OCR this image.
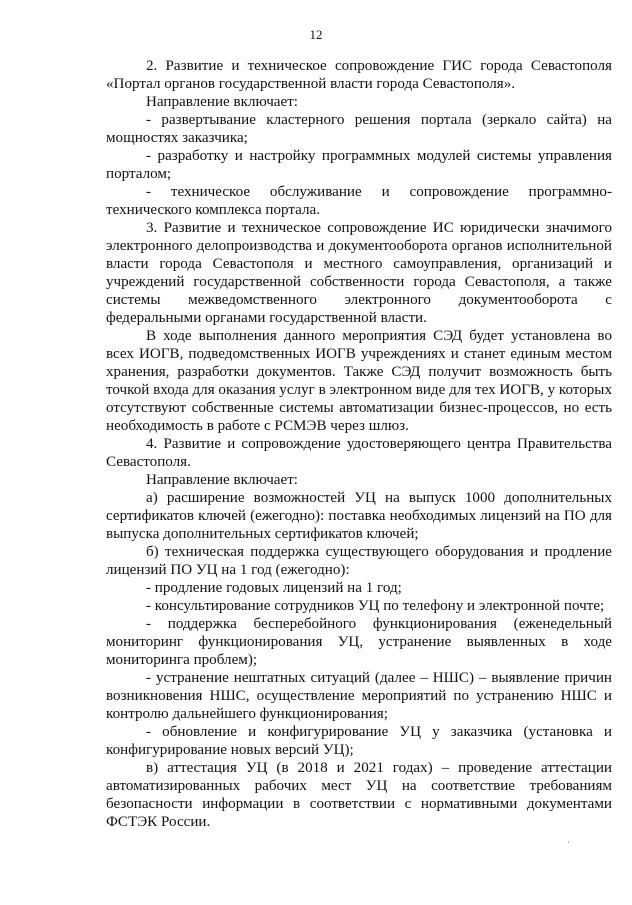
12

2. Развитие и техническое сопровождение ГИС города Севастополя «Портал органов государственной власти города Севастополя».

Направление включает:

- развертывание кластерного решения портала (зеркало сайта) на мощностях заказчика;

- разработку и настройку программных модулей системы управления порталом;

- техническое обслуживание и сопровождение программно-технического комплекса портала.

3. Развитие и техническое сопровождение ИС юридически значимого электронного делопроизводства и документооборота органов исполнительной власти города Севастополя и местного самоуправления, организаций и учреждений государственной собственности города Севастополя, а также системы межведомственного электронного документооборота с федеральными органами государственной власти.

В ходе выполнения данного мероприятия СЭД будет установлена во всех ИОГВ, подведомственных ИОГВ учреждениях и станет единым местом хранения, разработки документов. Также СЭД получит возможность быть точкой входа для оказания услуг в электронном виде для тех ИОГВ, у которых отсутствуют собственные системы автоматизации бизнес-процессов, но есть необходимость в работе с РСМЭВ через шлюз.

4. Развитие и сопровождение удостоверяющего центра Правительства Севастополя.

Направление включает:

а) расширение возможностей УЦ на выпуск 1000 дополнительных сертификатов ключей (ежегодно): поставка необходимых лицензий на ПО для выпуска дополнительных сертификатов ключей;

б) техническая поддержка существующего оборудования и продление лицензий ПО УЦ на 1 год (ежегодно):

- продление годовых лицензий на 1 год;

- консультирование сотрудников УЦ по телефону и электронной почте;

- поддержка бесперебойного функционирования (еженедельный мониторинг функционирования УЦ, устранение выявленных в ходе мониторинга проблем);

- устранение нештатных ситуаций (далее – НШС) – выявление причин возникновения НШС, осуществление мероприятий по устранению НШС и контролю дальнейшего функционирования;

- обновление и конфигурирование УЦ у заказчика (установка и конфигурирование новых версий УЦ);

в) аттестация УЦ (в 2018 и 2021 годах) – проведение аттестации автоматизированных рабочих мест УЦ на соответствие требованиям безопасности информации в соответствии с нормативными документами ФСТЭК России.

ˌ
